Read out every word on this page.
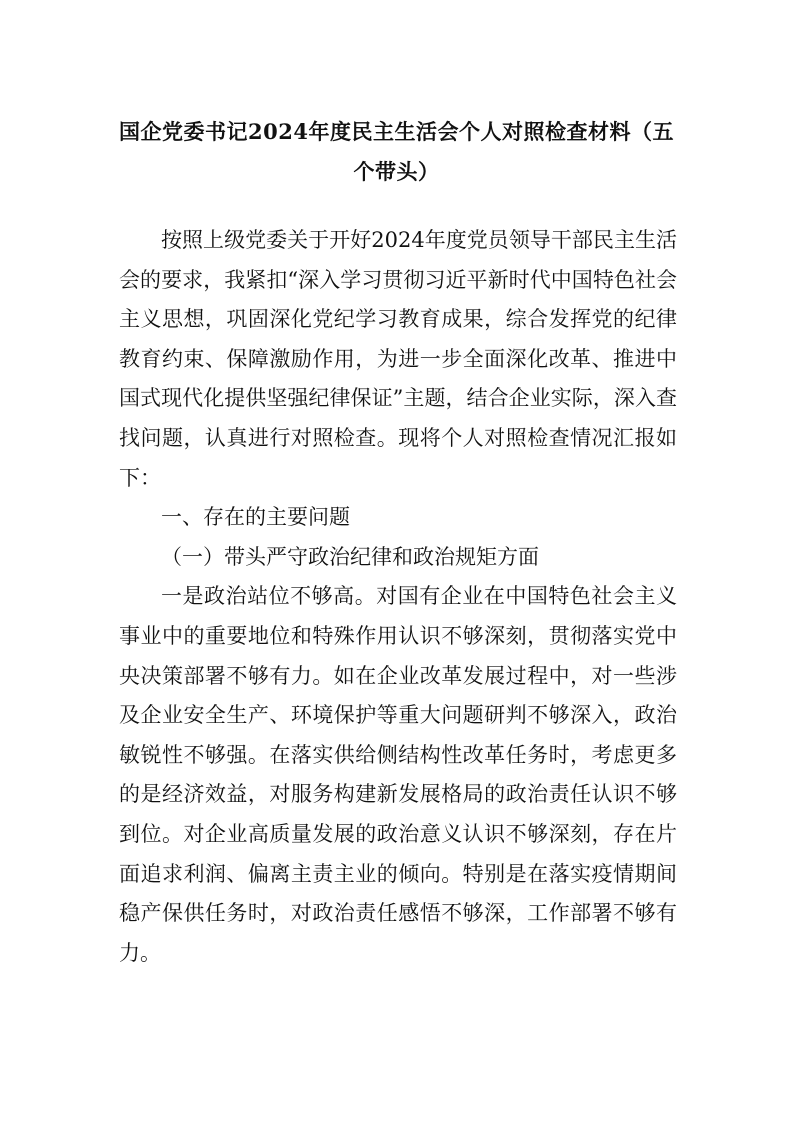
国企党委书记2024年度民主生活会个人对照检查材料（五个带头）

按照上级党委关于开好2024年度党员领导干部民主生活会的要求，我紧扣“深入学习贯彻习近平新时代中国特色社会主义思想，巩固深化党纪学习教育成果，综合发挥党的纪律教育约束、保障激励作用，为进一步全面深化改革、推进中国式现代化提供坚强纪律保证”主题，结合企业实际，深入查找问题，认真进行对照检查。现将个人对照检查情况汇报如下：

一、存在的主要问题

（一）带头严守政治纪律和政治规矩方面

一是政治站位不够高。对国有企业在中国特色社会主义事业中的重要地位和特殊作用认识不够深刻，贯彻落实党中央决策部署不够有力。如在企业改革发展过程中，对一些涉及企业安全生产、环境保护等重大问题研判不够深入，政治敏锐性不够强。在落实供给侧结构性改革任务时，考虑更多的是经济效益，对服务构建新发展格局的政治责任认识不够到位。对企业高质量发展的政治意义认识不够深刻，存在片面追求利润、偏离主责主业的倾向。特别是在落实疫情期间稳产保供任务时，对政治责任感悟不够深，工作部署不够有力。
